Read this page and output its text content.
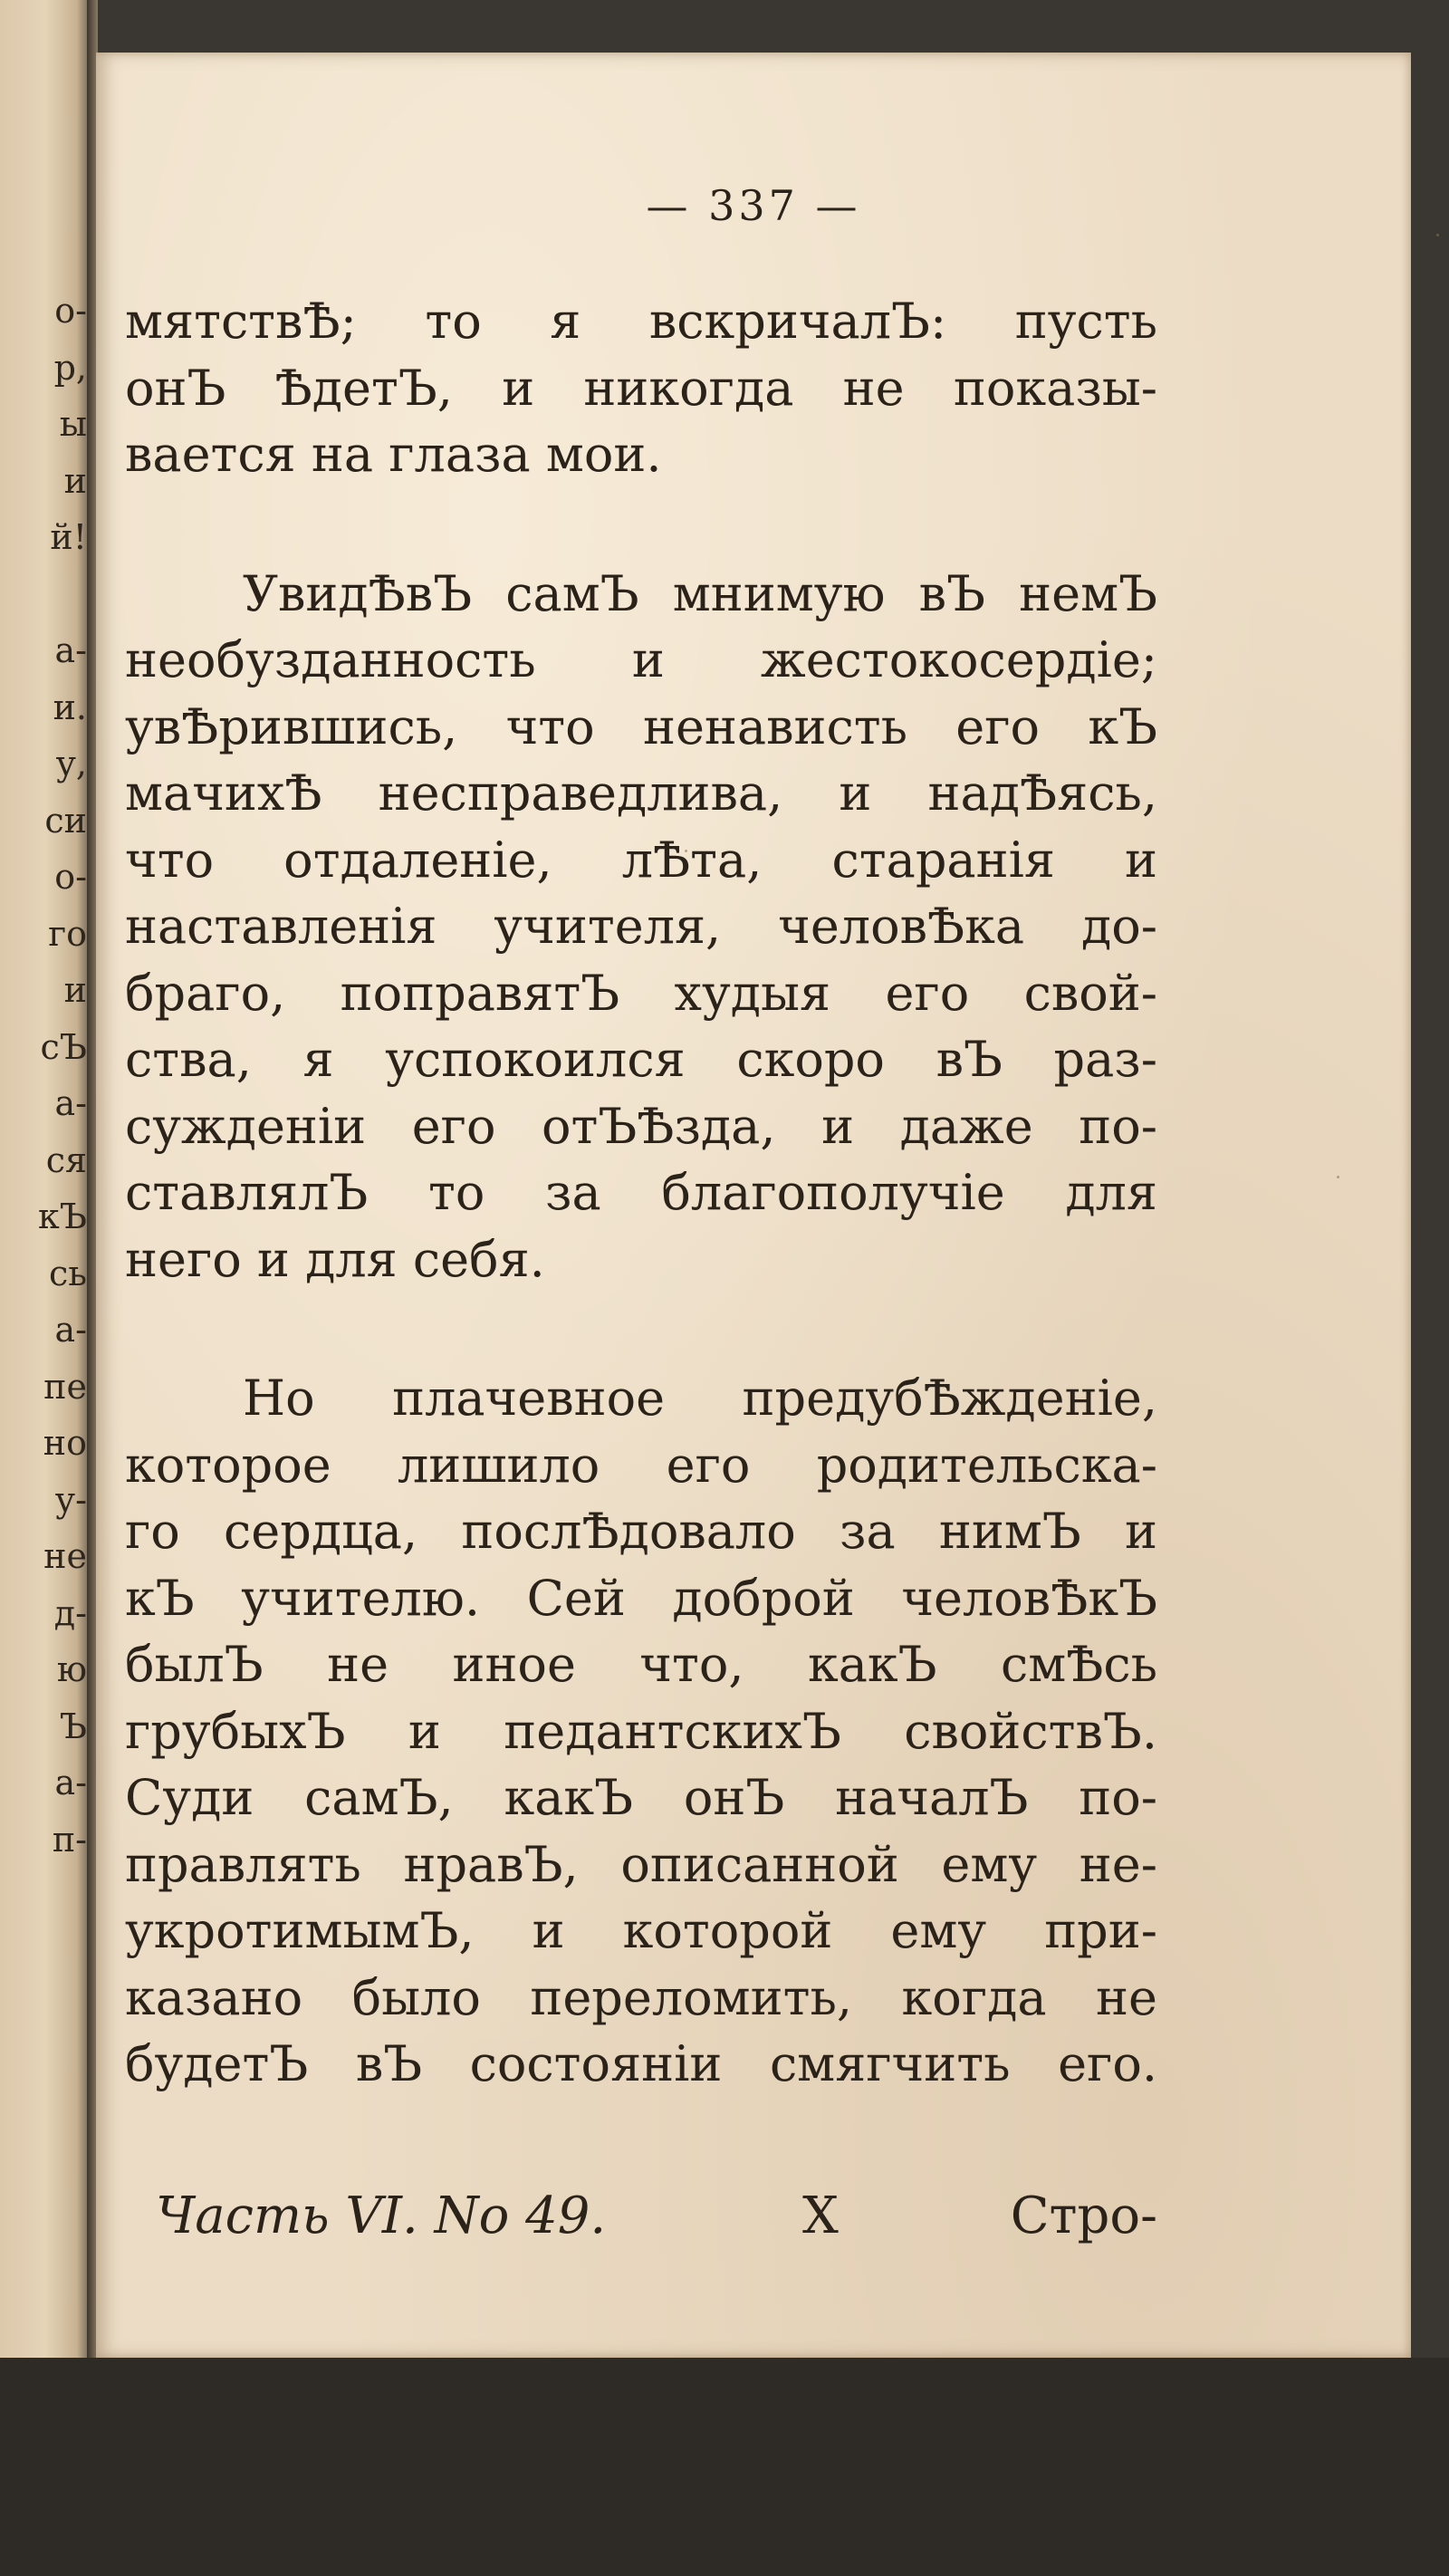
о-
р,
ы
и
й!
а-
и.
у,
си
о-
го
и
сЪ
а-
ся
кЪ
сь
а-
пе
но
у-
не
д-
ю
Ъ
а-
п-
— 337 —
Часть VI. No 49.	X	Стро-
мятствѢ; то я вскричалЪ: пусть
онЪ ѢдетЪ, и никогда не показы-
вается на глаза мои.
УвидѢвЪ самЪ мнимую вЪ немЪ
необузданность и жестокосердіе;
увѢрившись, что ненависть его кЪ
мачихѢ несправедлива, и надѢясь,
что отдаленіе, лѢта, старанія и
наставленія учителя, человѢка до-
браго, поправятЪ худыя его свой-
ства, я успокоился скоро вЪ раз-
сужденіи его отЪѢзда, и даже по-
ставлялЪ то за благополучіе для
него и для себя.
Но плачевное предубѢжденіе,
которое лишило его родительска-
го сердца, послѢдовало за нимЪ и
кЪ учителю. Сей доброй человѢкЪ
былЪ не иное что, какЪ смѢсь
грубыхЪ и педантскихЪ свойствЪ.
Суди самЪ, какЪ онЪ началЪ по-
правлять нравЪ, описанной ему не-
укротимымЪ, и которой ему при-
казано было переломить, когда не
будетЪ вЪ состояніи смягчить его.
